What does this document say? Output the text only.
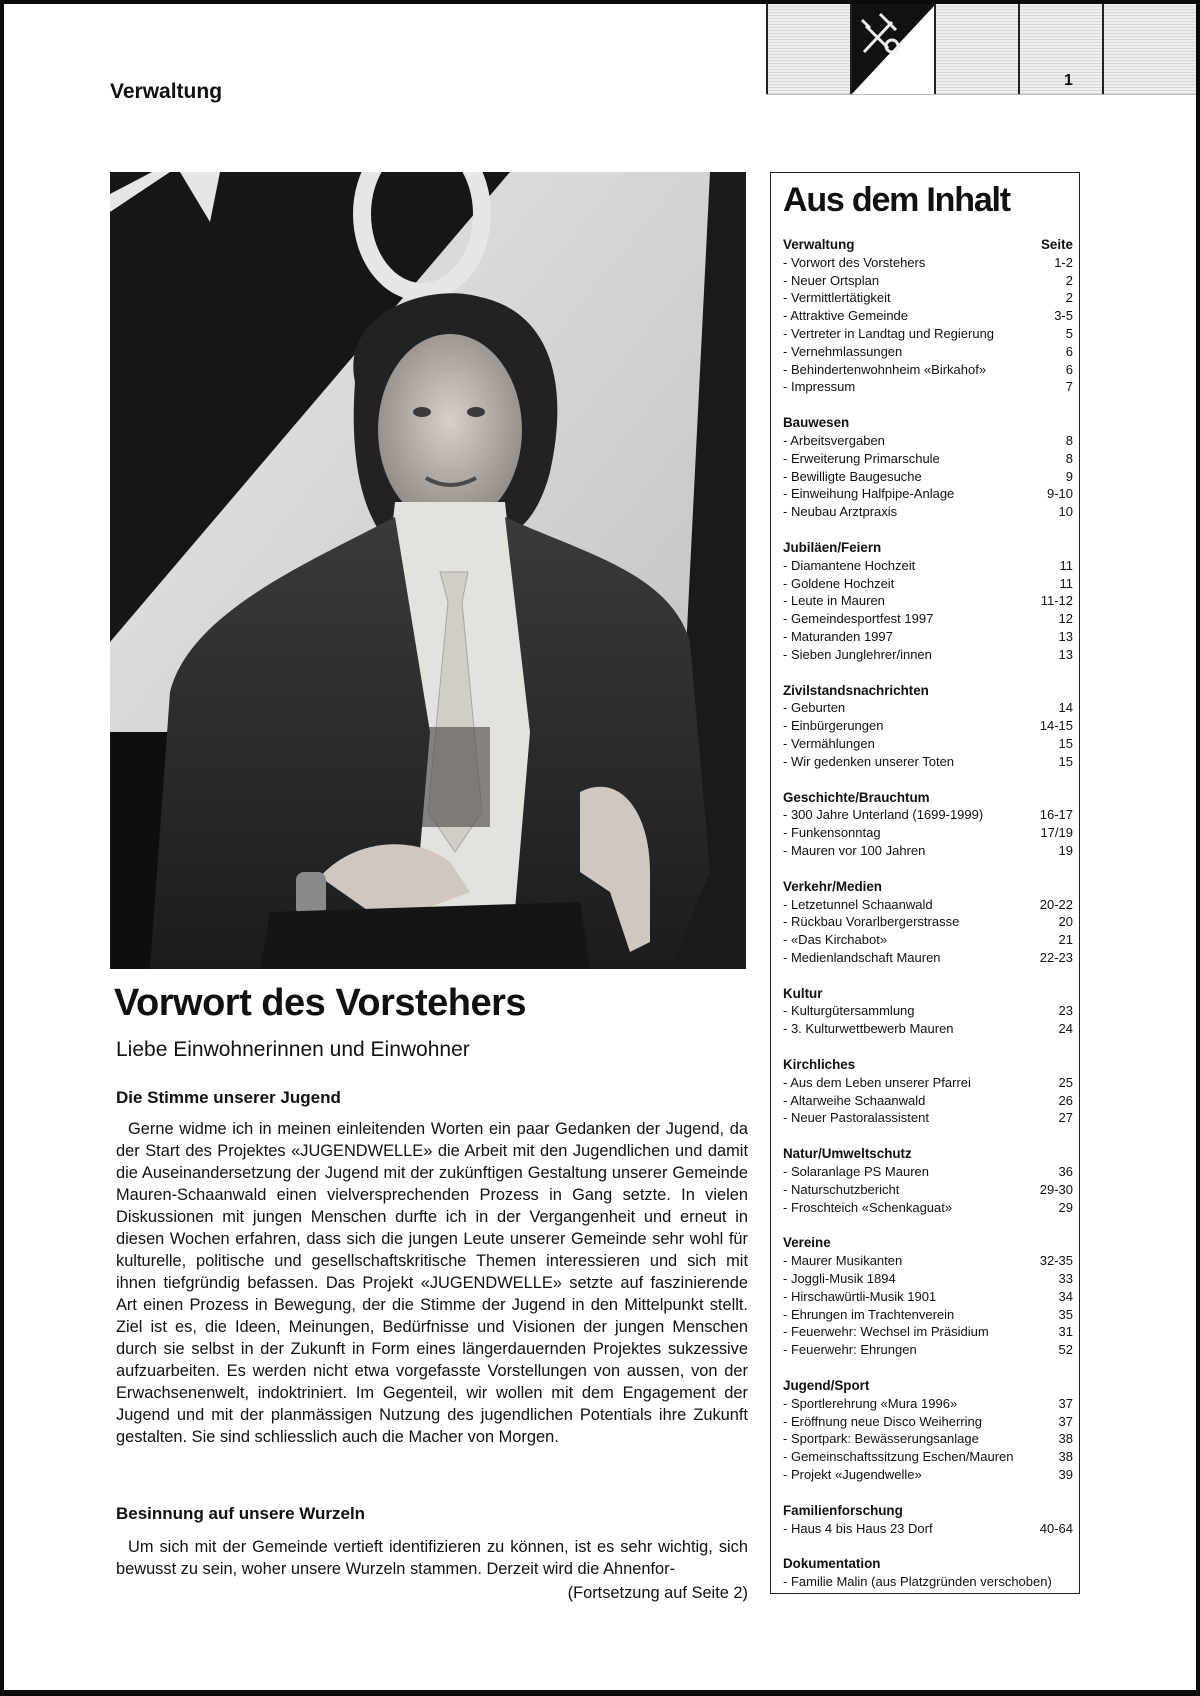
Verwaltung	1
Vorwort des Vorstehers
Liebe Einwohnerinnen und Einwohner
Die Stimme unserer Jugend

Gerne widme ich in meinen einleitenden Worten ein paar Gedanken der Jugend, da der Start des Projektes «JUGENDWELLE» die Arbeit mit den Jugendlichen und damit die Auseinandersetzung der Jugend mit der zukünftigen Gestaltung unserer Gemeinde Mauren-Schaanwald einen vielversprechenden Prozess in Gang setzte. In vielen Diskussionen mit jungen Menschen durfte ich in der Vergangenheit und erneut in diesen Wochen erfahren, dass sich die jungen Leute unserer Gemeinde sehr wohl für kulturelle, politische und gesellschaftskritische Themen interessieren und sich mit ihnen tiefgründig befassen. Das Projekt «JUGENDWELLE» setzte auf faszinierende Art einen Prozess in Bewegung, der die Stimme der Jugend in den Mittelpunkt stellt. Ziel ist es, die Ideen, Meinungen, Bedürfnisse und Visionen der jungen Menschen durch sie selbst in der Zukunft in Form eines längerdauernden Projektes sukzessive aufzuarbeiten. Es werden nicht etwa vorgefasste Vorstellungen von aussen, von der Erwachsenenwelt, indoktriniert. Im Gegenteil, wir wollen mit dem Engagement der Jugend und mit der planmässigen Nutzung des jugendlichen Potentials ihre Zukunft gestalten. Sie sind schliesslich auch die Macher von Morgen.

Besinnung auf unsere Wurzeln

Um sich mit der Gemeinde vertieft identifizieren zu können, ist es sehr wichtig, sich bewusst zu sein, woher unsere Wurzeln stammen. Derzeit wird die Ahnenfor-

(Fortsetzung auf Seite 2)
Aus dem Inhalt
Verwaltung	Seite
- Vorwort des Vorstehers	1-2
- Neuer Ortsplan	2
- Vermittlertätigkeit	2
- Attraktive Gemeinde	3-5
- Vertreter in Landtag und Regierung	5
- Vernehmlassungen	6
- Behindertenwohnheim «Birkahof»	6
- Impressum	7
Bauwesen
- Arbeitsvergaben	8
- Erweiterung Primarschule	8
- Bewilligte Baugesuche	9
- Einweihung Halfpipe-Anlage	9-10
- Neubau Arztpraxis	10
Jubiläen/Feiern
- Diamantene Hochzeit	11
- Goldene Hochzeit	11
- Leute in Mauren	11-12
- Gemeindesportfest 1997	12
- Maturanden 1997	13
- Sieben Junglehrer/innen	13
Zivilstandsnachrichten
- Geburten	14
- Einbürgerungen	14-15
- Vermählungen	15
- Wir gedenken unserer Toten	15
Geschichte/Brauchtum
- 300 Jahre Unterland (1699-1999)	16-17
- Funkensonntag	17/19
- Mauren vor 100 Jahren	19
Verkehr/Medien
- Letzetunnel Schaanwald	20-22
- Rückbau Vorarlbergerstrasse	20
- «Das Kirchabot»	21
- Medienlandschaft Mauren	22-23
Kultur
- Kulturgütersammlung	23
- 3. Kulturwettbewerb Mauren	24
Kirchliches
- Aus dem Leben unserer Pfarrei	25
- Altarweihe Schaanwald	26
- Neuer Pastoralassistent	27
Natur/Umweltschutz
- Solaranlage PS Mauren	36
- Naturschutzbericht	29-30
- Froschteich «Schenkaguat»	29
Vereine
- Maurer Musikanten	32-35
- Joggli-Musik 1894	33
- Hirschawürtli-Musik 1901	34
- Ehrungen im Trachtenverein	35
- Feuerwehr: Wechsel im Präsidium	31
- Feuerwehr: Ehrungen	52
Jugend/Sport
- Sportlerehrung «Mura 1996»	37
- Eröffnung neue Disco Weiherring	37
- Sportpark: Bewässerungsanlage	38
- Gemeinschaftssitzung Eschen/Mauren	38
- Projekt «Jugendwelle»	39
Familienforschung
- Haus 4 bis Haus 23 Dorf	40-64
Dokumentation
- Familie Malin (aus Platzgründen verschoben)
